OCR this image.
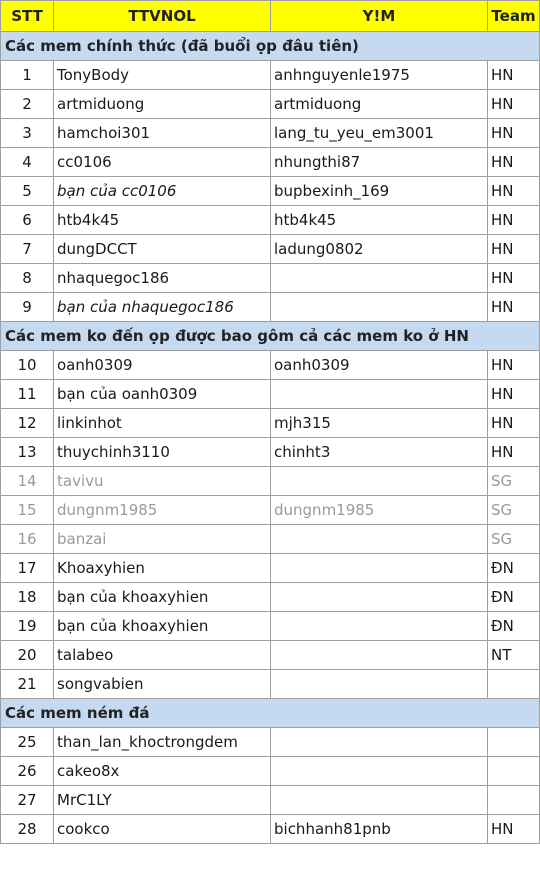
STT	TTVNOL	Y!M	Team
Các mem chính thức (đã buổi ọp đâu tiên)			
1	TonyBody	anhnguyenle1975	HN
2	artmiduong	artmiduong	HN
3	hamchoi301	lang_tu_yeu_em3001	HN
4	cc0106	nhungthi87	HN
5	bạn của cc0106	bupbexinh_169	HN
6	htb4k45	htb4k45	HN
7	dungDCCT	ladung0802	HN
8	nhaquegoc186		HN
9	bạn của nhaquegoc186		HN
Các mem ko đến ọp được bao gôm cả các mem ko ở HN			
10	oanh0309	oanh0309	HN
11	bạn của oanh0309		HN
12	linkinhot	mjh315	HN
13	thuychinh3110	chinht3	HN
14	tavivu		SG
15	dungnm1985	dungnm1985	SG
16	banzai		SG
17	Khoaxyhien		ĐN
18	bạn của khoaxyhien		ĐN
19	bạn của khoaxyhien		ĐN
20	talabeo		NT
21	songvabien		
Các mem ném đá			
25	than_lan_khoctrongdem		
26	cakeo8x		
27	MrC1LY		
28	cookco	bichhanh81pnb	HN
